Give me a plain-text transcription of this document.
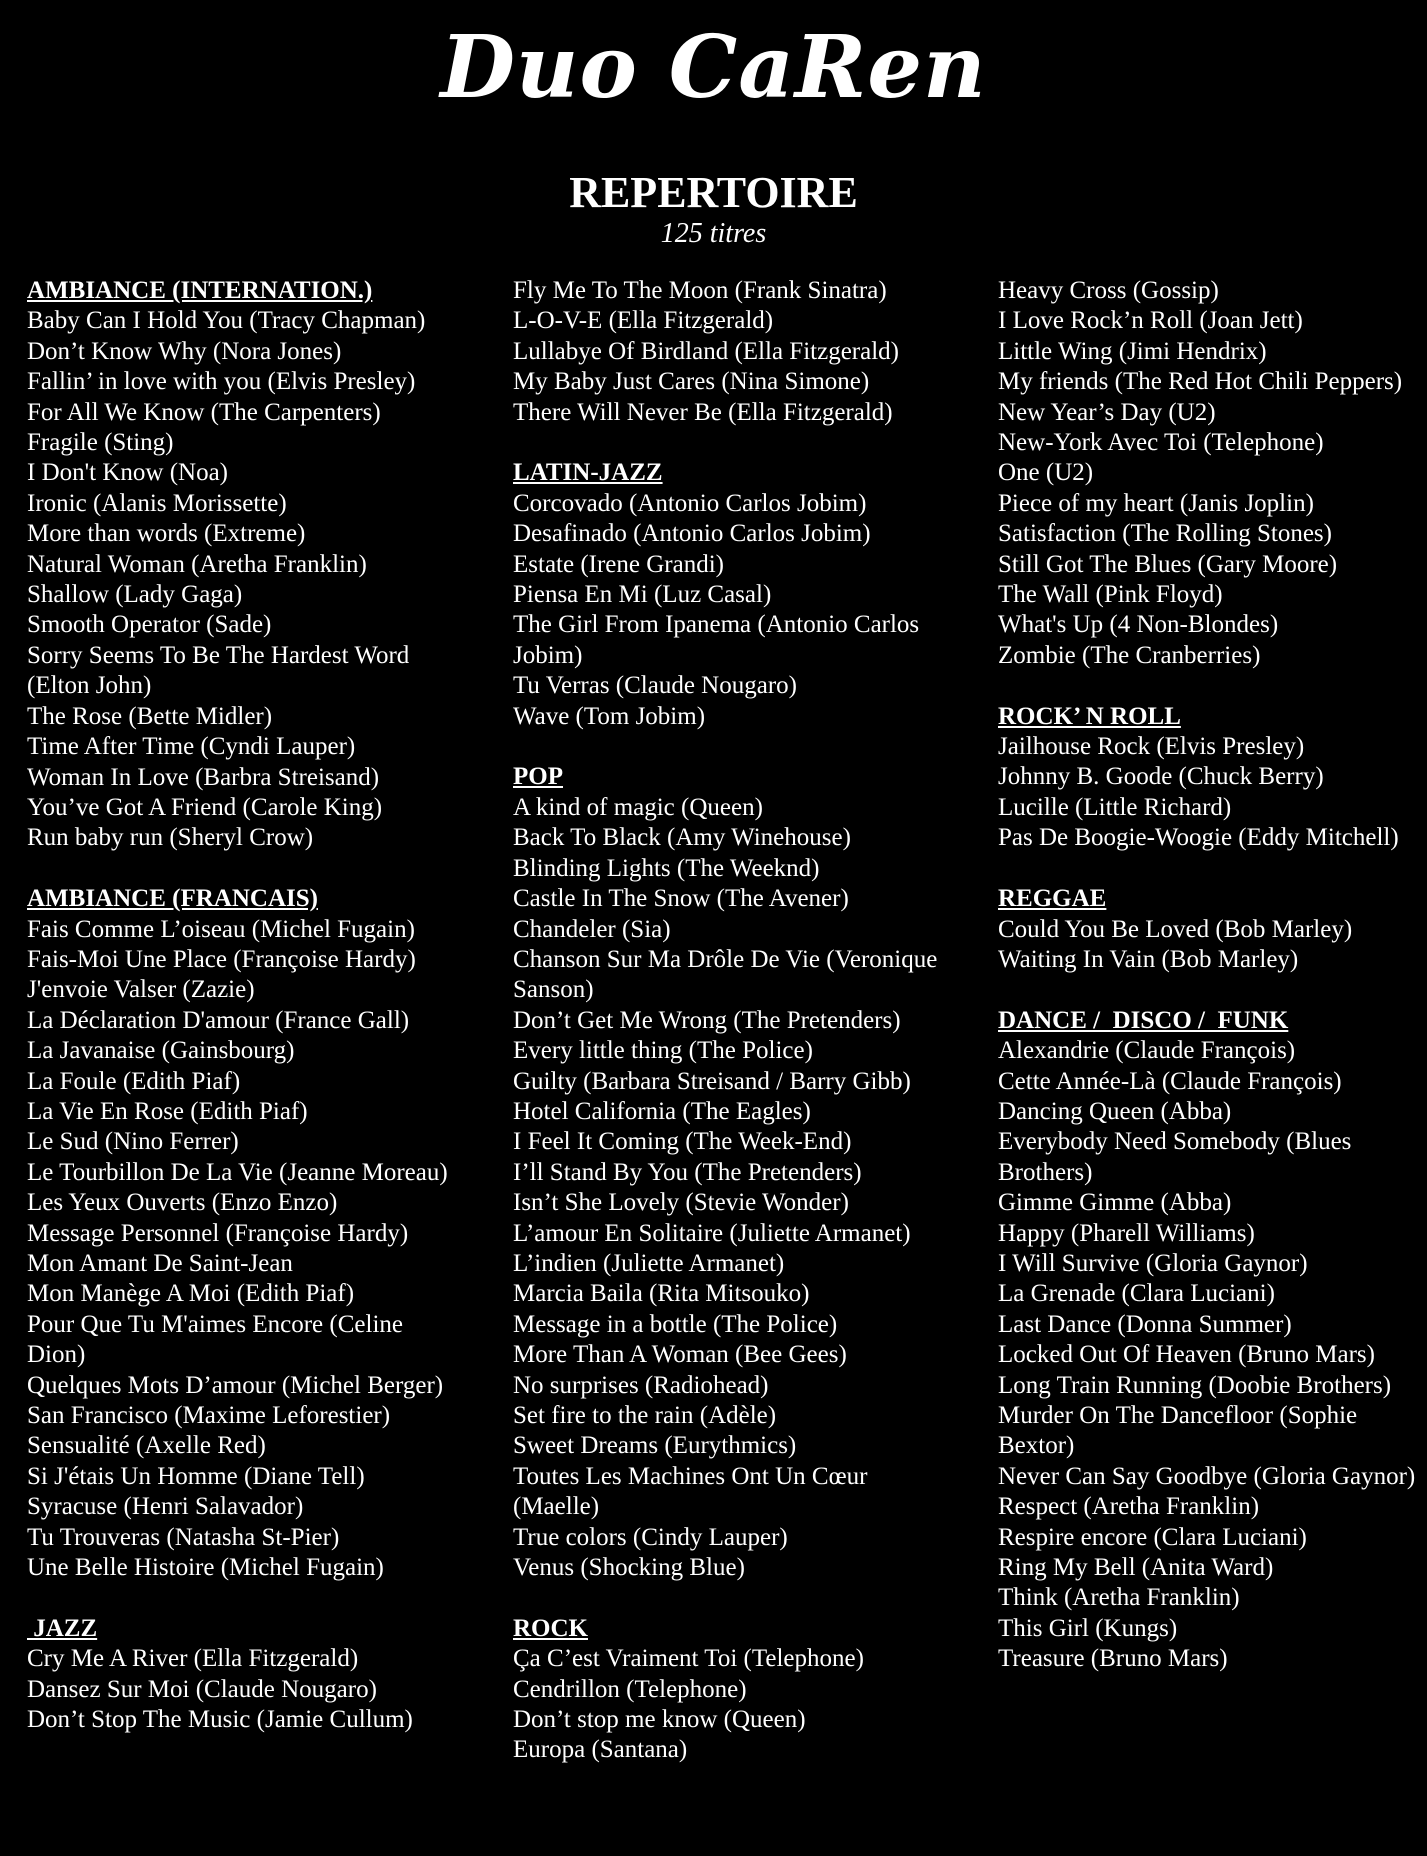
Duo CaRen
REPERTOIRE
125 titres
AMBIANCE (INTERNATION.)
Baby Can I Hold You (Tracy Chapman)
Don’t Know Why (Nora Jones)
Fallin’ in love with you (Elvis Presley)
For All We Know (The Carpenters)
Fragile (Sting)
I Don't Know (Noa)
Ironic (Alanis Morissette)
More than words (Extreme)
Natural Woman (Aretha Franklin)
Shallow (Lady Gaga)
Smooth Operator (Sade)
Sorry Seems To Be The Hardest Word (Elton John)
The Rose (Bette Midler)
Time After Time (Cyndi Lauper)
Woman In Love (Barbra Streisand)
You’ve Got A Friend (Carole King)
Run baby run (Sheryl Crow)
AMBIANCE (FRANCAIS)
Fais Comme L’oiseau (Michel Fugain)
Fais-Moi Une Place (Françoise Hardy)
J'envoie Valser (Zazie)
La Déclaration D'amour (France Gall)
La Javanaise (Gainsbourg)
La Foule (Edith Piaf)
La Vie En Rose (Edith Piaf)
Le Sud (Nino Ferrer)
Le Tourbillon De La Vie (Jeanne Moreau)
Les Yeux Ouverts (Enzo Enzo)
Message Personnel (Françoise Hardy)
Mon Amant De Saint-Jean
Mon Manège A Moi (Edith Piaf)
Pour Que Tu M'aimes Encore (Celine Dion)
Quelques Mots D’amour (Michel Berger)
San Francisco (Maxime Leforestier)
Sensualité (Axelle Red)
Si J'étais Un Homme (Diane Tell)
Syracuse (Henri Salavador)
Tu Trouveras (Natasha St-Pier)
Une Belle Histoire (Michel Fugain)
JAZZ
Cry Me A River (Ella Fitzgerald)
Dansez Sur Moi (Claude Nougaro)
Don’t Stop The Music (Jamie Cullum)
Fly Me To The Moon (Frank Sinatra)
L-O-V-E (Ella Fitzgerald)
Lullabye Of Birdland (Ella Fitzgerald)
My Baby Just Cares (Nina Simone)
There Will Never Be (Ella Fitzgerald)
LATIN-JAZZ
Corcovado (Antonio Carlos Jobim)
Desafinado (Antonio Carlos Jobim)
Estate (Irene Grandi)
Piensa En Mi (Luz Casal)
The Girl From Ipanema (Antonio Carlos Jobim)
Tu Verras (Claude Nougaro)
Wave (Tom Jobim)
POP
A kind of magic (Queen)
Back To Black (Amy Winehouse)
Blinding Lights (The Weeknd)
Castle In The Snow (The Avener)
Chandeler (Sia)
Chanson Sur Ma Drôle De Vie (Veronique Sanson)
Don’t Get Me Wrong (The Pretenders)
Every little thing (The Police)
Guilty (Barbara Streisand / Barry Gibb)
Hotel California (The Eagles)
I Feel It Coming (The Week-End)
I’ll Stand By You (The Pretenders)
Isn’t She Lovely (Stevie Wonder)
L’amour En Solitaire (Juliette Armanet)
L’indien (Juliette Armanet)
Marcia Baila (Rita Mitsouko)
Message in a bottle (The Police)
More Than A Woman (Bee Gees)
No surprises (Radiohead)
Set fire to the rain (Adèle)
Sweet Dreams (Eurythmics)
Toutes Les Machines Ont Un Cœur (Maelle)
True colors (Cindy Lauper)
Venus (Shocking Blue)
ROCK
Ça C’est Vraiment Toi (Telephone)
Cendrillon (Telephone)
Don’t stop me know (Queen)
Europa (Santana)
Heavy Cross (Gossip)
I Love Rock’n Roll (Joan Jett)
Little Wing (Jimi Hendrix)
My friends (The Red Hot Chili Peppers)
New Year’s Day (U2)
New-York Avec Toi (Telephone)
One (U2)
Piece of my heart (Janis Joplin)
Satisfaction (The Rolling Stones)
Still Got The Blues (Gary Moore)
The Wall (Pink Floyd)
What's Up (4 Non-Blondes)
Zombie (The Cranberries)
ROCK’ N ROLL
Jailhouse Rock (Elvis Presley)
Johnny B. Goode (Chuck Berry)
Lucille (Little Richard)
Pas De Boogie-Woogie (Eddy Mitchell)
REGGAE
Could You Be Loved (Bob Marley)
Waiting In Vain (Bob Marley)
DANCE /  DISCO /  FUNK
Alexandrie (Claude François)
Cette Année-Là (Claude François)
Dancing Queen (Abba)
Everybody Need Somebody (Blues Brothers)
Gimme Gimme (Abba)
Happy (Pharell Williams)
I Will Survive (Gloria Gaynor)
La Grenade (Clara Luciani)
Last Dance (Donna Summer)
Locked Out Of Heaven (Bruno Mars)
Long Train Running (Doobie Brothers)
Murder On The Dancefloor (Sophie Bextor)
Never Can Say Goodbye (Gloria Gaynor)
Respect (Aretha Franklin)
Respire encore (Clara Luciani)
Ring My Bell (Anita Ward)
Think (Aretha Franklin)
This Girl (Kungs)
Treasure (Bruno Mars)
